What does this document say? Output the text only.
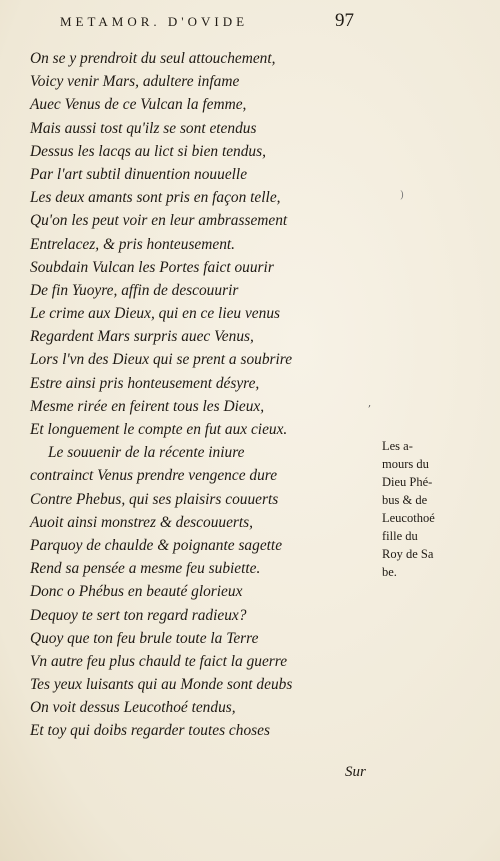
METAMOR. D'OVIDE	97
On se y prendroit du seul attouchement,
Voicy venir Mars, adultere infame
Auec Venus de ce Vulcan la femme,
Mais aussi tost qu'ilz se sont etendus
Dessus les lacqs au lict si bien tendus,
Par l'art subtil dinuention nouuelle
Les deux amants sont pris en façon telle,
Qu'on les peut voir en leur ambrassement
Entrelacez, & pris honteusement.
Soubdain Vulcan les Portes faict ouurir
De fin Yuoyre, affin de descouurir
Le crime aux Dieux, qui en ce lieu venus
Regardent Mars surpris auec Venus,
Lors l'vn des Dieux qui se prent a soubrire
Estre ainsi pris honteusement désyre,
Mesme rirée en feirent tous les Dieux,
Et longuement le compte en fut aux cieux.
Le souuenir de la récente iniure
contrainct Venus prendre vengence dure
Contre Phebus, qui ses plaisirs couuerts
Auoit ainsi monstrez & descouuerts,
Parquoy de chaulde & poignante sagette
Rend sa pensée a mesme feu subiette.
Donc o Phébus en beauté glorieux
Dequoy te sert ton regard radieux?
Quoy que ton feu brule toute la Terre
Vn autre feu plus chauld te faict la guerre
Tes yeux luisants qui au Monde sont deubs
On voit dessus Leucothoé tendus,
Et toy qui doibs regarder toutes choses
Les a-
mours du
Dieu Phé-
bus & de
Leucothoé
fille du
Roy de Sa
be.
)
,
Sur
